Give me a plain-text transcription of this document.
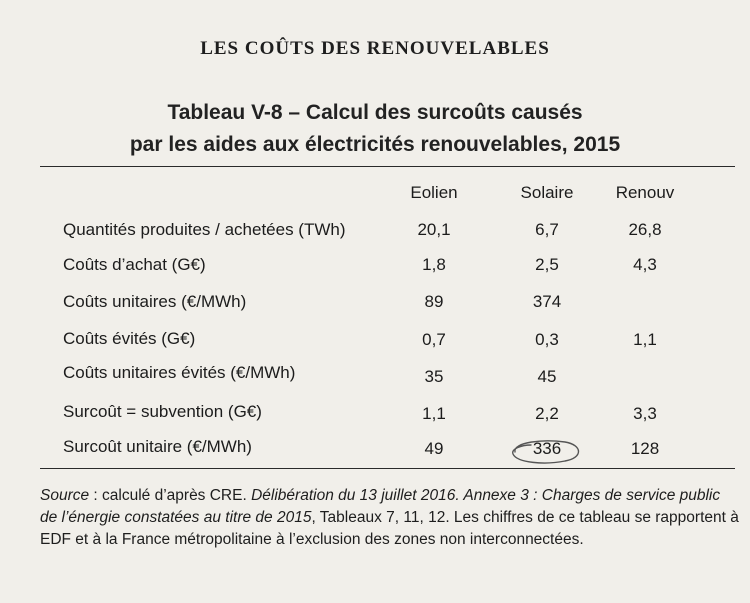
LES COÛTS DES RENOUVELABLES
Tableau V-8 – Calcul des surcoûts causés
par les aides aux électricités renouvelables, 2015
Eolien	Solaire	Renouv
Quantités produites / achetées (TWh)	20,1	6,7	26,8
Coûts d’achat (G€)	1,8	2,5	4,3
Coûts unitaires (€/MWh)	89	374
Coûts évités (G€)	0,7	0,3	1,1
Coûts unitaires évités (€/MWh)	35	45
Surcoût = subvention (G€)	1,1	2,2	3,3
Surcoût unitaire (€/MWh)	49	336	128
Source : calculé d’après CRE. Délibération du 13 juillet 2016. Annexe 3 : Charges de service public de l’énergie constatées au titre de 2015, Tableaux 7, 11, 12. Les chiffres de ce tableau se rapportent à EDF et à la France métropolitaine à l’exclusion des zones non interconnectées.
